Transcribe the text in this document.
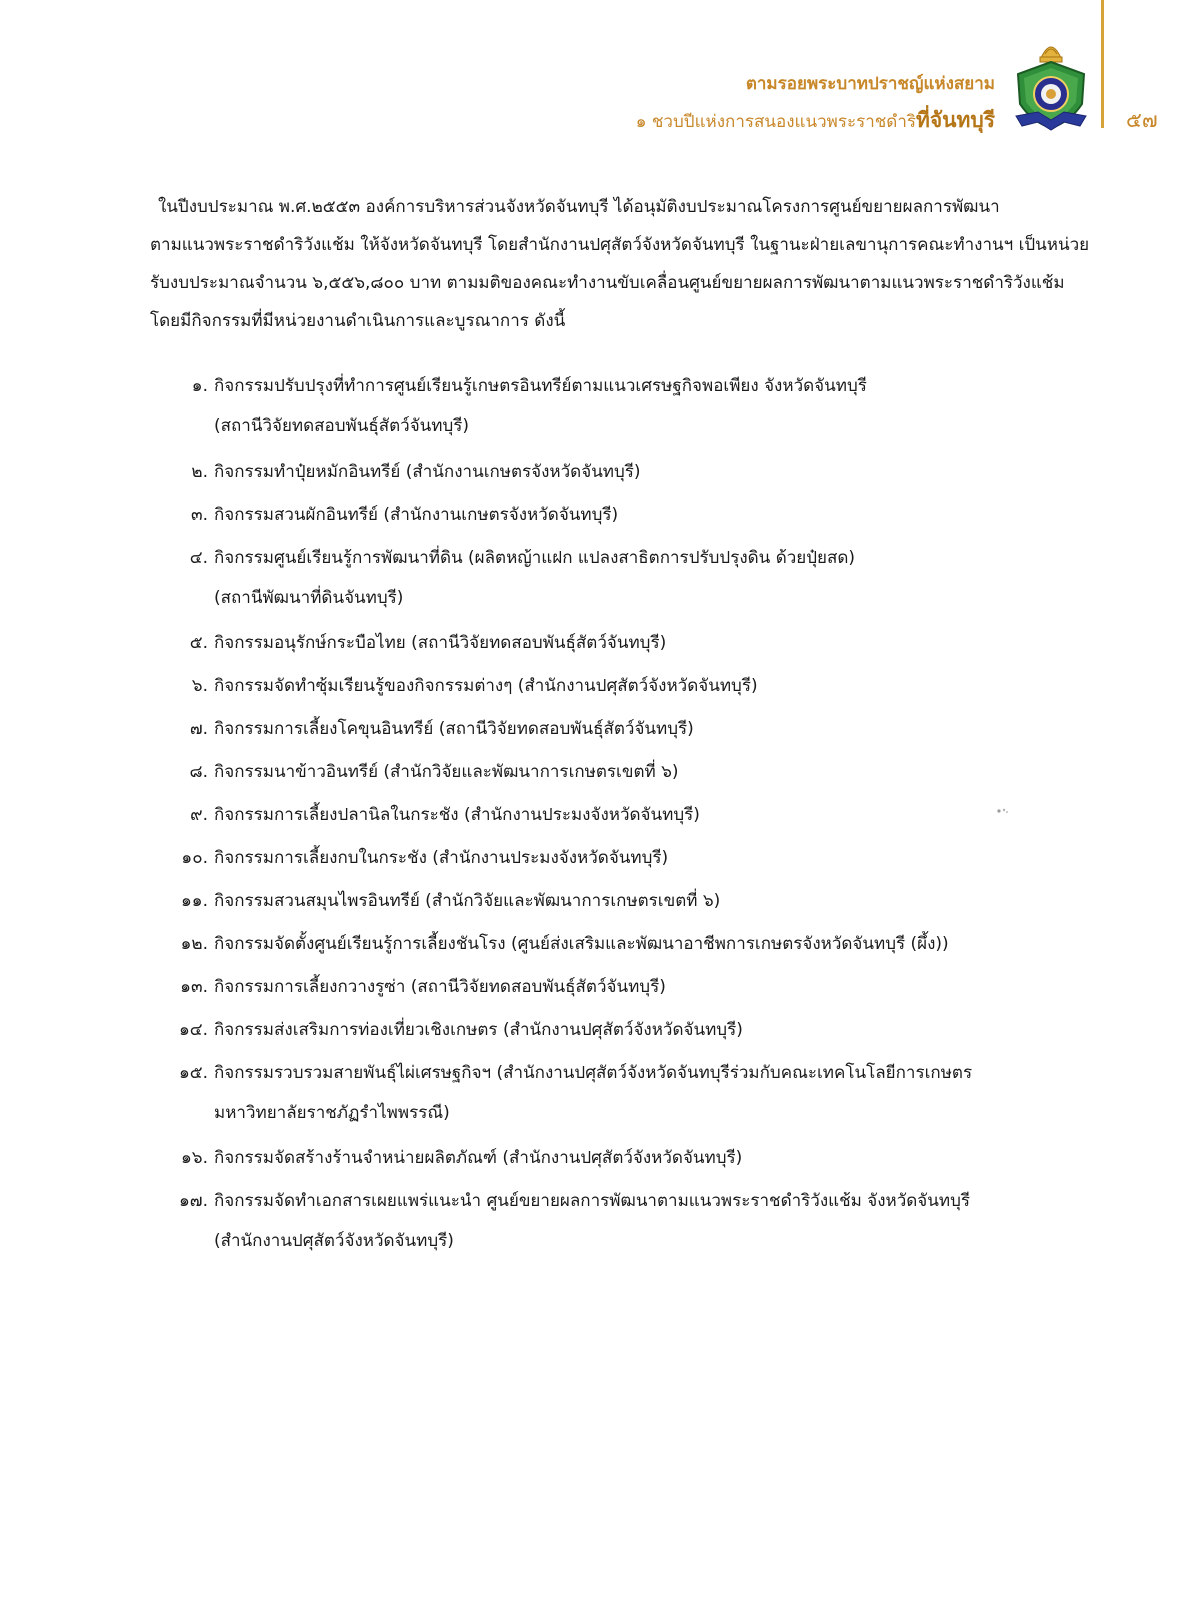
ตามรอยพระบาทปราชญ์แห่งสยาม
๑ ชวบปีแห่งการสนองแนวพระราชดำริที่จันทบุรี	๕๗
ในปีงบประมาณ พ.ศ.๒๕๕๓ องค์การบริหารส่วนจังหวัดจันทบุรี ได้อนุมัติงบประมาณโครงการศูนย์ขยายผลการพัฒนา
ตามแนวพระราชดำริวังแช้ม ให้จังหวัดจันทบุรี โดยสำนักงานปศุสัตว์จังหวัดจันทบุรี ในฐานะฝ่ายเลขานุการคณะทำงานฯ เป็นหน่วย
รับงบประมาณจำนวน ๖,๕๕๖,๘๐๐ บาท ตามมติของคณะทำงานขับเคลื่อนศูนย์ขยายผลการพัฒนาตามแนวพระราชดำริวังแช้ม
โดยมีกิจกรรมที่มีหน่วยงานดำเนินการและบูรณาการ ดังนี้
๑. กิจกรรมปรับปรุงที่ทำการศูนย์เรียนรู้เกษตรอินทรีย์ตามแนวเศรษฐกิจพอเพียง จังหวัดจันทบุรี
(สถานีวิจัยทดสอบพันธุ์สัตว์จันทบุรี)
๒. กิจกรรมทำปุ๋ยหมักอินทรีย์ (สำนักงานเกษตรจังหวัดจันทบุรี)
๓. กิจกรรมสวนผักอินทรีย์ (สำนักงานเกษตรจังหวัดจันทบุรี)
๔. กิจกรรมศูนย์เรียนรู้การพัฒนาที่ดิน (ผลิตหญ้าแฝก แปลงสาธิตการปรับปรุงดิน ด้วยปุ๋ยสด)
(สถานีพัฒนาที่ดินจันทบุรี)
๕. กิจกรรมอนุรักษ์กระบือไทย (สถานีวิจัยทดสอบพันธุ์สัตว์จันทบุรี)
๖. กิจกรรมจัดทำซุ้มเรียนรู้ของกิจกรรมต่างๆ (สำนักงานปศุสัตว์จังหวัดจันทบุรี)
๗. กิจกรรมการเลี้ยงโคขุนอินทรีย์ (สถานีวิจัยทดสอบพันธุ์สัตว์จันทบุรี)
๘. กิจกรรมนาข้าวอินทรีย์ (สำนักวิจัยและพัฒนาการเกษตรเขตที่ ๖)
๙. กิจกรรมการเลี้ยงปลานิลในกระชัง (สำนักงานประมงจังหวัดจันทบุรี)
๑๐. กิจกรรมการเลี้ยงกบในกระชัง (สำนักงานประมงจังหวัดจันทบุรี)
๑๑. กิจกรรมสวนสมุนไพรอินทรีย์ (สำนักวิจัยและพัฒนาการเกษตรเขตที่ ๖)
๑๒. กิจกรรมจัดตั้งศูนย์เรียนรู้การเลี้ยงชันโรง (ศูนย์ส่งเสริมและพัฒนาอาชีพการเกษตรจังหวัดจันทบุรี (ผึ้ง))
๑๓. กิจกรรมการเลี้ยงกวางรูซ่า (สถานีวิจัยทดสอบพันธุ์สัตว์จันทบุรี)
๑๔. กิจกรรมส่งเสริมการท่องเที่ยวเชิงเกษตร (สำนักงานปศุสัตว์จังหวัดจันทบุรี)
๑๕. กิจกรรมรวบรวมสายพันธุ์ไผ่เศรษฐกิจฯ (สำนักงานปศุสัตว์จังหวัดจันทบุรีร่วมกับคณะเทคโนโลยีการเกษตร
มหาวิทยาลัยราชภัฏรำไพพรรณี)
๑๖. กิจกรรมจัดสร้างร้านจำหน่ายผลิตภัณฑ์ (สำนักงานปศุสัตว์จังหวัดจันทบุรี)
๑๗. กิจกรรมจัดทำเอกสารเผยแพร่แนะนำ ศูนย์ขยายผลการพัฒนาตามแนวพระราชดำริวังแช้ม จังหวัดจันทบุรี
(สำนักงานปศุสัตว์จังหวัดจันทบุรี)
